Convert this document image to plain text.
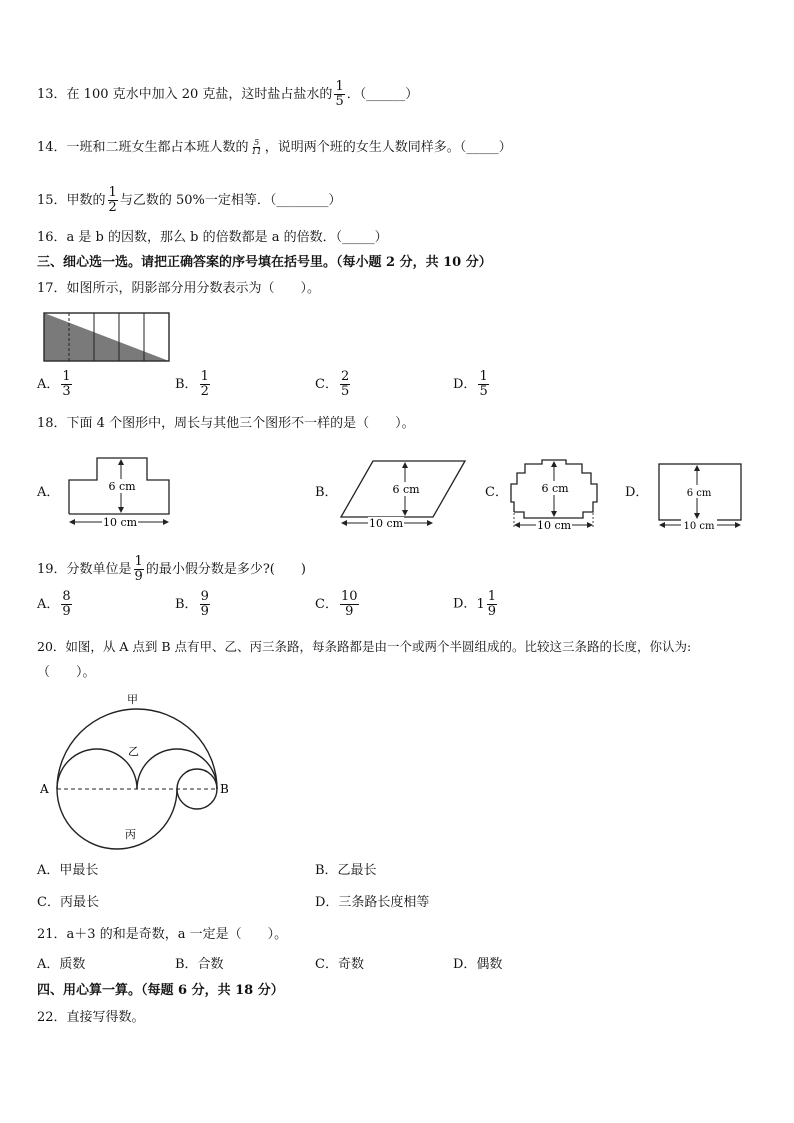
13．在 100 克水中加入 20 克盐，这时盐占盐水的 $\frac{1}{5}$ ．（______）
14．一班和二班女生都占本班人数的 $\frac{5}{11}$ ，说明两个班的女生人数同样多。（_____）
15．甲数的 $\frac{1}{2}$ 与乙数的 50%一定相等．（________）
16．a 是 b 的因数，那么 b 的倍数都是 a 的倍数．（_____）
三、细心选一选。请把正确答案的序号填在括号里。（每小题 2 分，共 10 分）
17．如图所示，阴影部分用分数表示为（　　）。
A． $\frac{1}{3}$	B． $\frac{1}{2}$	C． $\frac{2}{5}$	D． $\frac{1}{5}$
18．下面 4 个图形中，周长与其他三个图形不一样的是（　　）。
A．	6 cm
10 cm
B．	6 cm
10 cm
C．	6 cm
10 cm
D．	6 cm
10 cm
19．分数单位是 $\frac{1}{9}$ 的最小假分数是多少?(　　)
A． $\frac{8}{9}$	B． $\frac{9}{9}$	C． $\frac{10}{9}$	D． $1 \frac{1}{9}$
20．如图，从 A 点到 B 点有甲、乙、丙三条路，每条路都是由一个或两个半圆组成的。比较这三条路的长度，你认为:
（　　）。
甲
乙
丙
A	B
A．甲最长	B．乙最长
C．丙最长	D．三条路长度相等
21．a＋3 的和是奇数，a 一定是（　　）。
A．质数	B．合数	C．奇数	D．偶数
四、用心算一算。（每题 6 分，共 18 分）
22．直接写得数。
